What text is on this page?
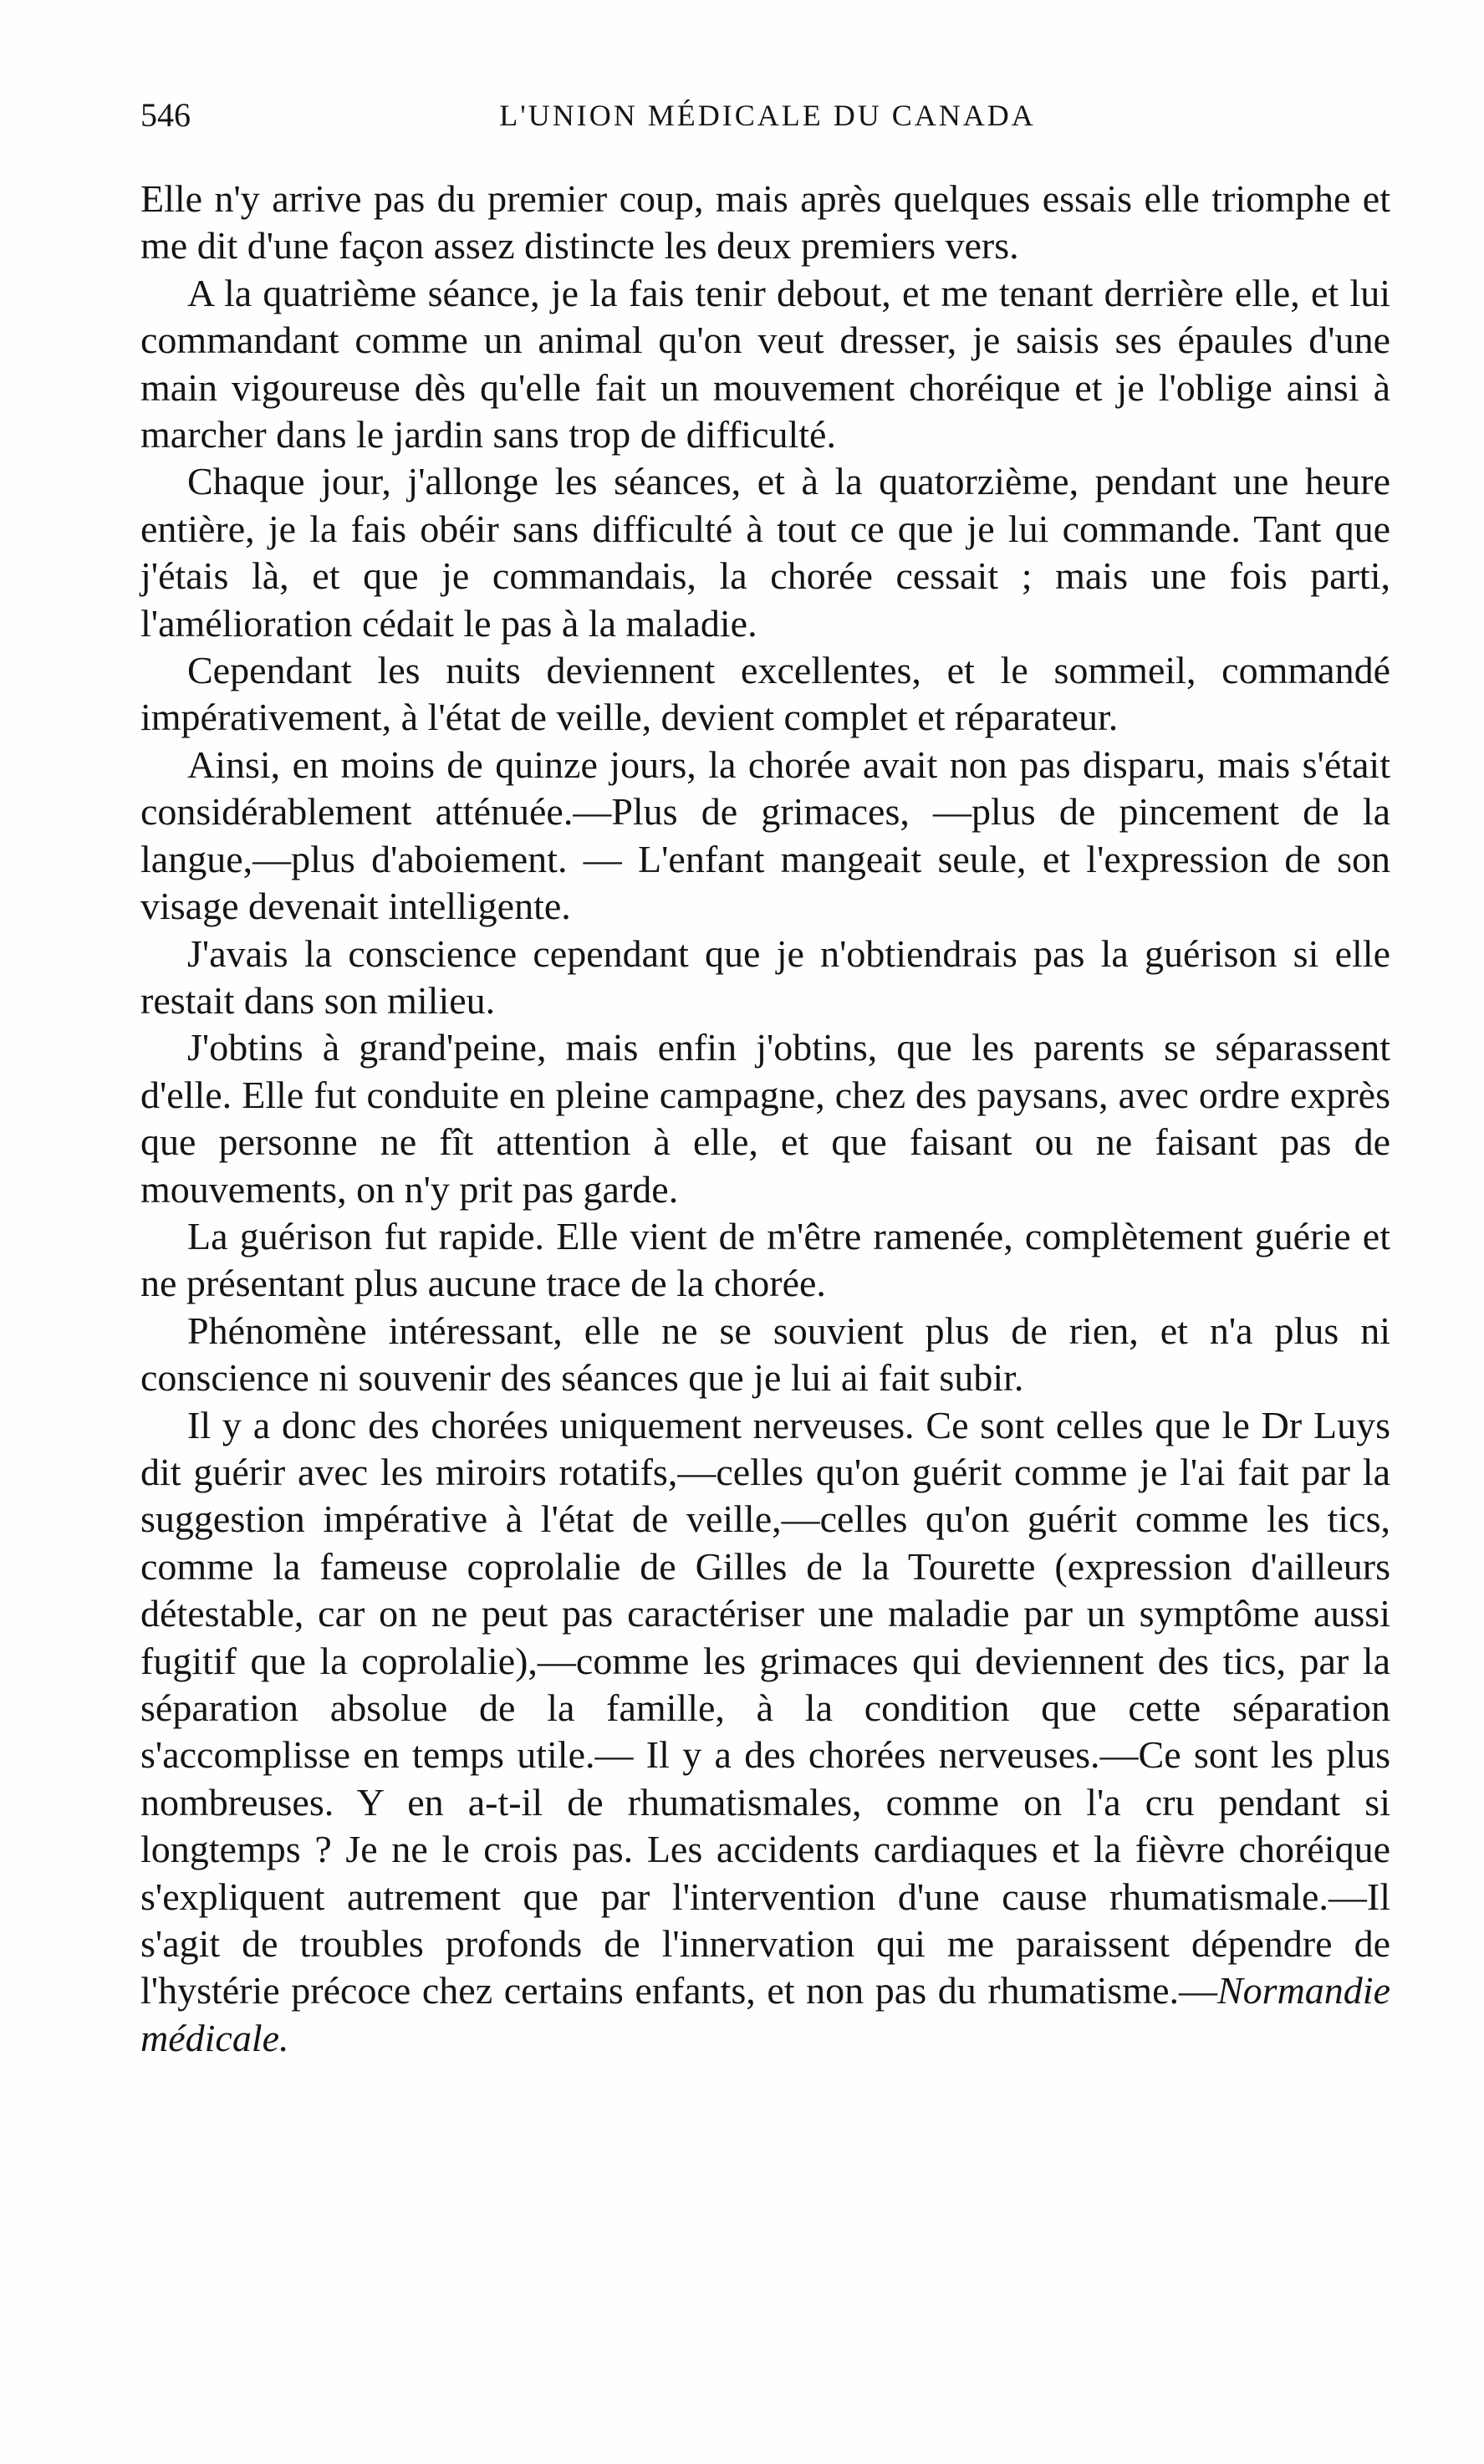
546	L'UNION MÉDICALE DU CANADA

Elle n'y arrive pas du premier coup, mais après quelques essais elle triomphe et me dit d'une façon assez distincte les deux premiers vers.

A la quatrième séance, je la fais tenir debout, et me tenant derrière elle, et lui commandant comme un animal qu'on veut dresser, je saisis ses épaules d'une main vigoureuse dès qu'elle fait un mouvement choréique et je l'oblige ainsi à marcher dans le jardin sans trop de difficulté.

Chaque jour, j'allonge les séances, et à la quatorzième, pendant une heure entière, je la fais obéir sans difficulté à tout ce que je lui commande. Tant que j'étais là, et que je commandais, la chorée cessait ; mais une fois parti, l'amélioration cédait le pas à la maladie.

Cependant les nuits deviennent excellentes, et le sommeil, commandé impérativement, à l'état de veille, devient complet et réparateur.

Ainsi, en moins de quinze jours, la chorée avait non pas disparu, mais s'était considérablement atténuée.—Plus de grimaces, —plus de pincement de la langue,—plus d'aboiement. — L'enfant mangeait seule, et l'expression de son visage devenait intelligente.

J'avais la conscience cependant que je n'obtiendrais pas la guérison si elle restait dans son milieu.

J'obtins à grand'peine, mais enfin j'obtins, que les parents se séparassent d'elle. Elle fut conduite en pleine campagne, chez des paysans, avec ordre exprès que personne ne fît attention à elle, et que faisant ou ne faisant pas de mouvements, on n'y prit pas garde.

La guérison fut rapide. Elle vient de m'être ramenée, complètement guérie et ne présentant plus aucune trace de la chorée.

Phénomène intéressant, elle ne se souvient plus de rien, et n'a plus ni conscience ni souvenir des séances que je lui ai fait subir.

Il y a donc des chorées uniquement nerveuses. Ce sont celles que le Dr Luys dit guérir avec les miroirs rotatifs,—celles qu'on guérit comme je l'ai fait par la suggestion impérative à l'état de veille,—celles qu'on guérit comme les tics, comme la fameuse coprolalie de Gilles de la Tourette (expression d'ailleurs détestable, car on ne peut pas caractériser une maladie par un symptôme aussi fugitif que la coprolalie),—comme les grimaces qui deviennent des tics, par la séparation absolue de la famille, à la condition que cette séparation s'accomplisse en temps utile.— Il y a des chorées nerveuses.—Ce sont les plus nombreuses. Y en a-t-il de rhumatismales, comme on l'a cru pendant si longtemps ? Je ne le crois pas. Les accidents cardiaques et la fièvre choréique s'expliquent autrement que par l'intervention d'une cause rhumatismale.—Il s'agit de troubles profonds de l'innervation qui me paraissent dépendre de l'hystérie précoce chez certains enfants, et non pas du rhumatisme.—Normandie médicale.
